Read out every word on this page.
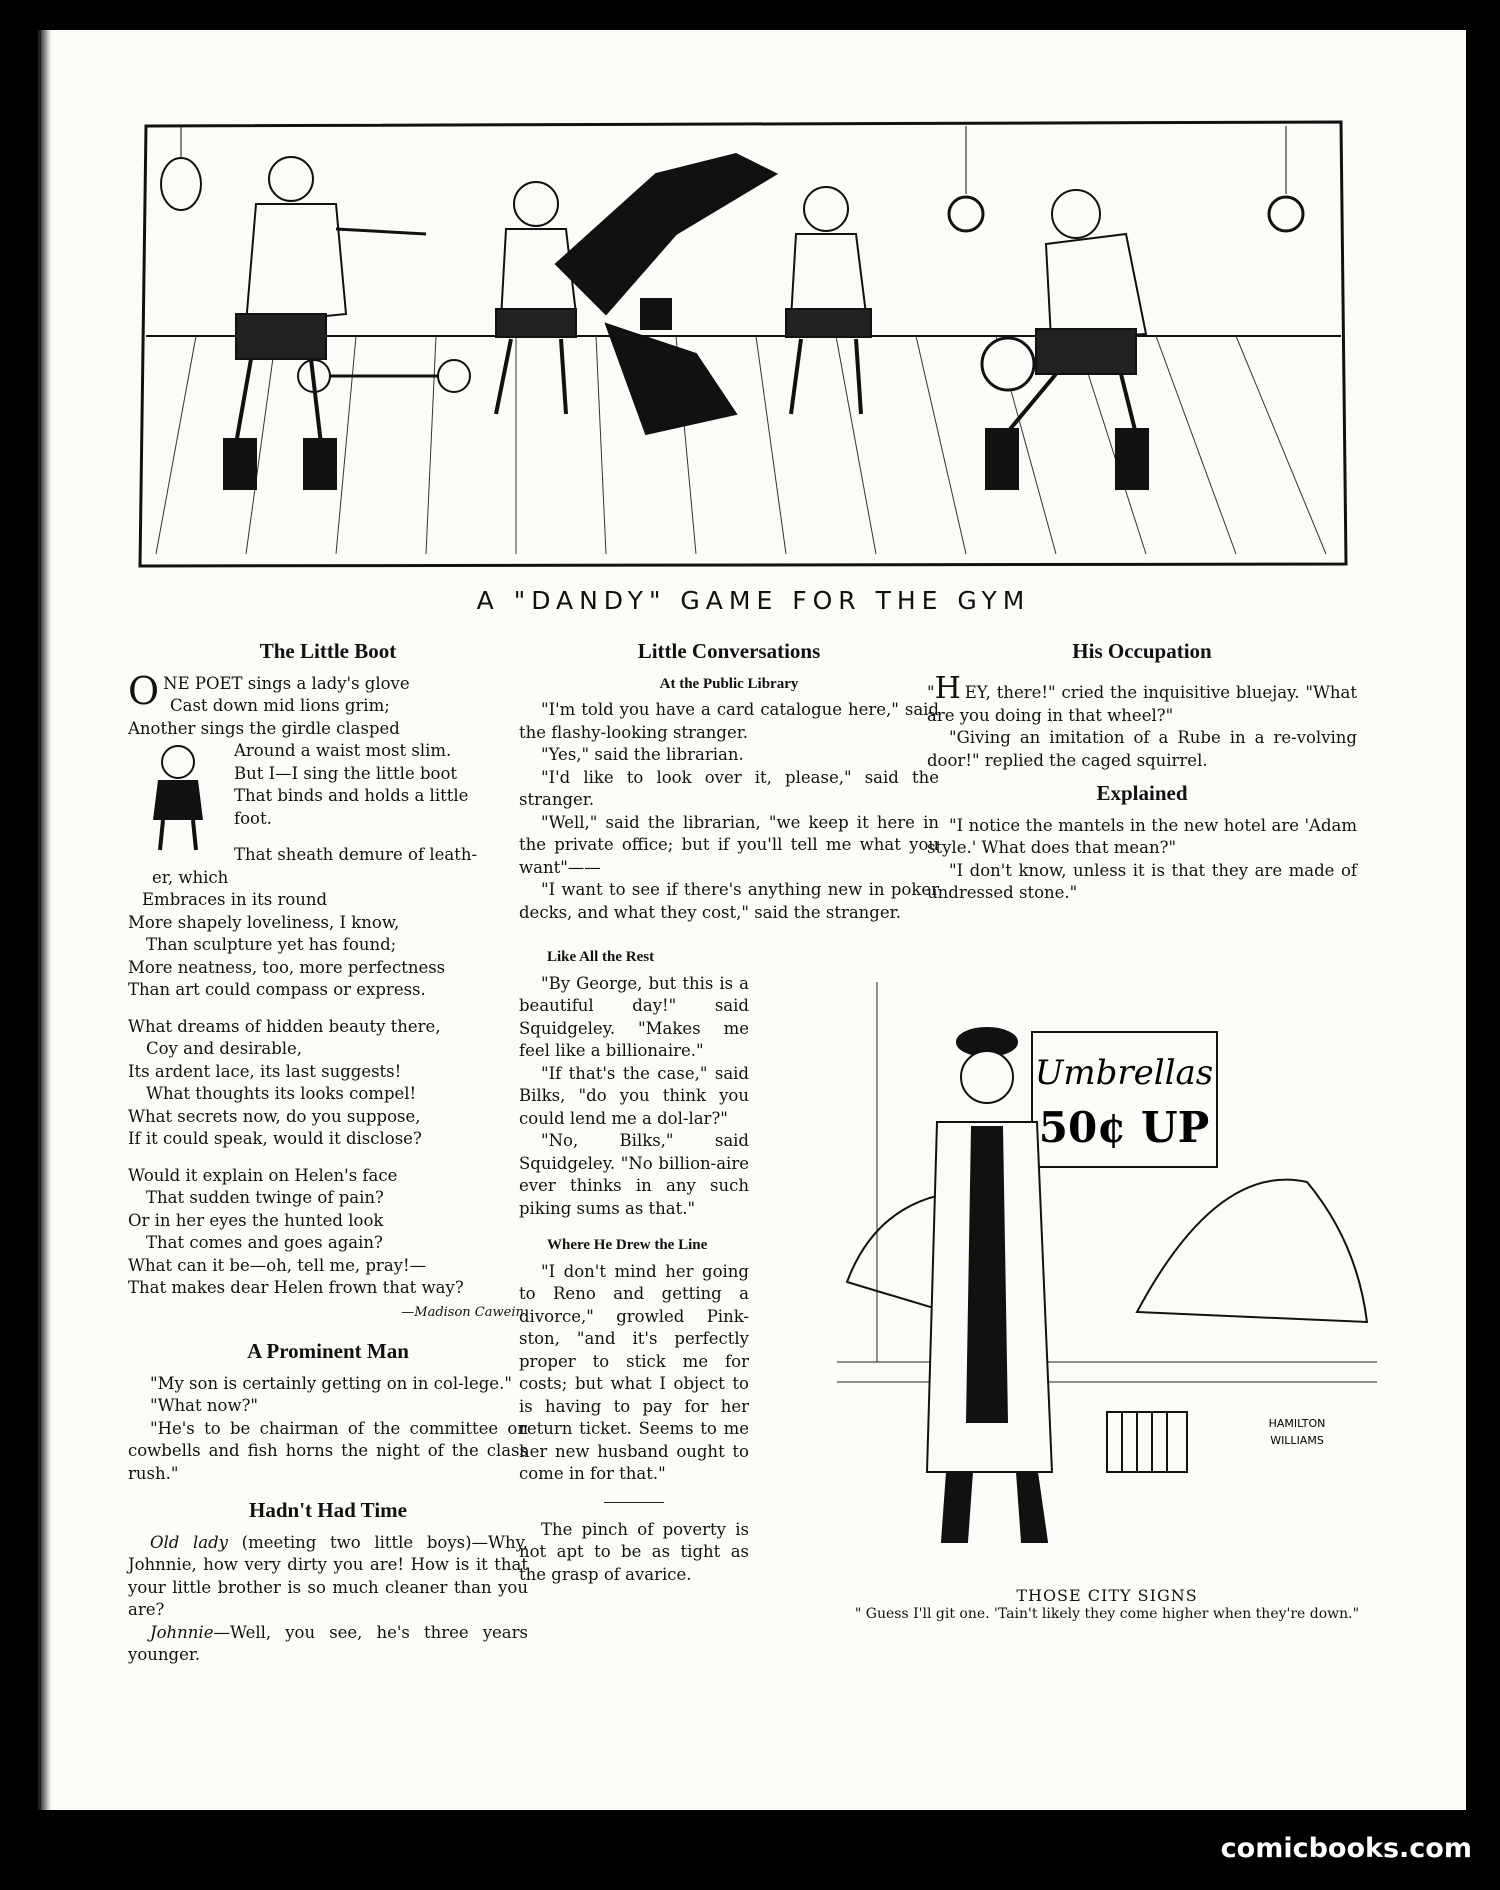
A "DANDY" GAME FOR THE GYM
The Little Boot
O NE POET sings a lady's glove
Cast down mid lions grim;
Another sings the girdle clasped
Around a waist most slim.
But I—I sing the little boot
That binds and holds a little
foot.
That sheath demure of leath-
er, which
Embraces in its round
More shapely loveliness, I know,
Than sculpture yet has found;
More neatness, too, more perfectness
Than art could compass or express.
What dreams of hidden beauty there,
Coy and desirable,
Its ardent lace, its last suggests!
What thoughts its looks compel!
What secrets now, do you suppose,
If it could speak, would it disclose?
Would it explain on Helen's face
That sudden twinge of pain?
Or in her eyes the hunted look
That comes and goes again?
What can it be—oh, tell me, pray!—
That makes dear Helen frown that way?
—Madison Cawein.
A Prominent Man

"My son is certainly getting on in col-lege."

"What now?"

"He's to be chairman of the committee on cowbells and fish horns the night of the class rush."

Hadn't Had Time

Old lady (meeting two little boys)—Why, Johnnie, how very dirty you are! How is it that your little brother is so much cleaner than you are?

Johnnie—Well, you see, he's three years younger.

Little Conversations
At the Public Library

"I'm told you have a card catalogue here," said the flashy-looking stranger.

"Yes," said the librarian.

"I'd like to look over it, please," said the stranger.

"Well," said the librarian, "we keep it here in the private office; but if you'll tell me what you want"——

"I want to see if there's anything new in poker decks, and what they cost," said the stranger.

Like All the Rest

"By George, but this is a beautiful day!" said Squidgeley. "Makes me feel like a billionaire."

"If that's the case," said Bilks, "do you think you could lend me a dol-lar?"

"No, Bilks," said Squidgeley. "No billion-aire ever thinks in any such piking sums as that."

Where He Drew the Line

"I don't mind her going to Reno and getting a divorce," growled Pink-ston, "and it's perfectly proper to stick me for costs; but what I object to is having to pay for her return ticket. Seems to me her new husband ought to come in for that."

The pinch of poverty is not apt to be as tight as the grasp of avarice.

His Occupation

"H EY, there!" cried the inquisitive bluejay. "What are you doing in that wheel?"

"Giving an imitation of a Rube in a re-volving door!" replied the caged squirrel.

Explained

"I notice the mantels in the new hotel are 'Adam style.' What does that mean?"

"I don't know, unless it is that they are made of undressed stone."

Umbrellas
50¢ UP
HAMILTON
WILLIAMS
THOSE CITY SIGNS
" Guess I'll git one. 'Tain't likely they come higher when they're down."
comicbooks.com
